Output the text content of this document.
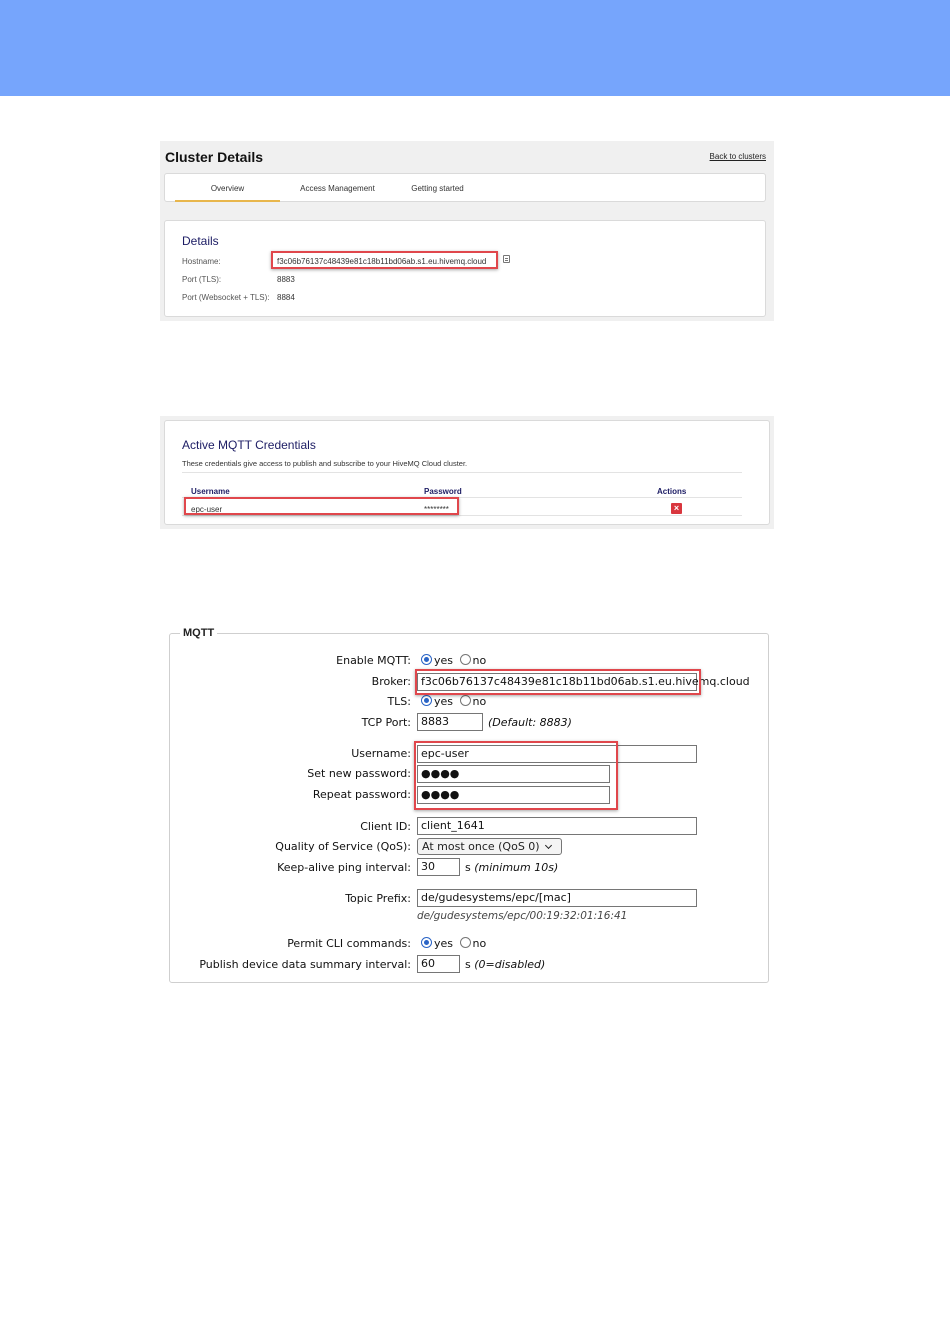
Cluster Details	Back to clusters
Overview	Access Management	Getting started
Details
Hostname:	f3c06b76137c48439e81c18b11bd06ab.s1.eu.hivemq.cloud
Port (TLS):	8883
Port (Websocket + TLS): 8884
Active MQTT Credentials
These credentials give access to publish and subscribe to your HiveMQ Cloud cluster.
Username	Password	Actions
epc-user	********	×
MQTT
Enable MQTT:	yes no
Broker: f3c06b76137c48439e81c18b11bd06ab.s1.eu.hivemq.cloud
TLS:	yes no
TCP Port: 8883	(Default: 8883)
Username: epc-user
Set new password: ●●●●
Repeat password: ●●●●
Client ID: client_1641
Quality of Service (QoS):	At most once (QoS 0)
Keep-alive ping interval: 30	s (minimum 10s)
Topic Prefix: de/gudesystems/epc/[mac]
de/gudesystems/epc/00:19:32:01:16:41
Permit CLI commands:	yes no
Publish device data summary interval: 60	s (0=disabled)
